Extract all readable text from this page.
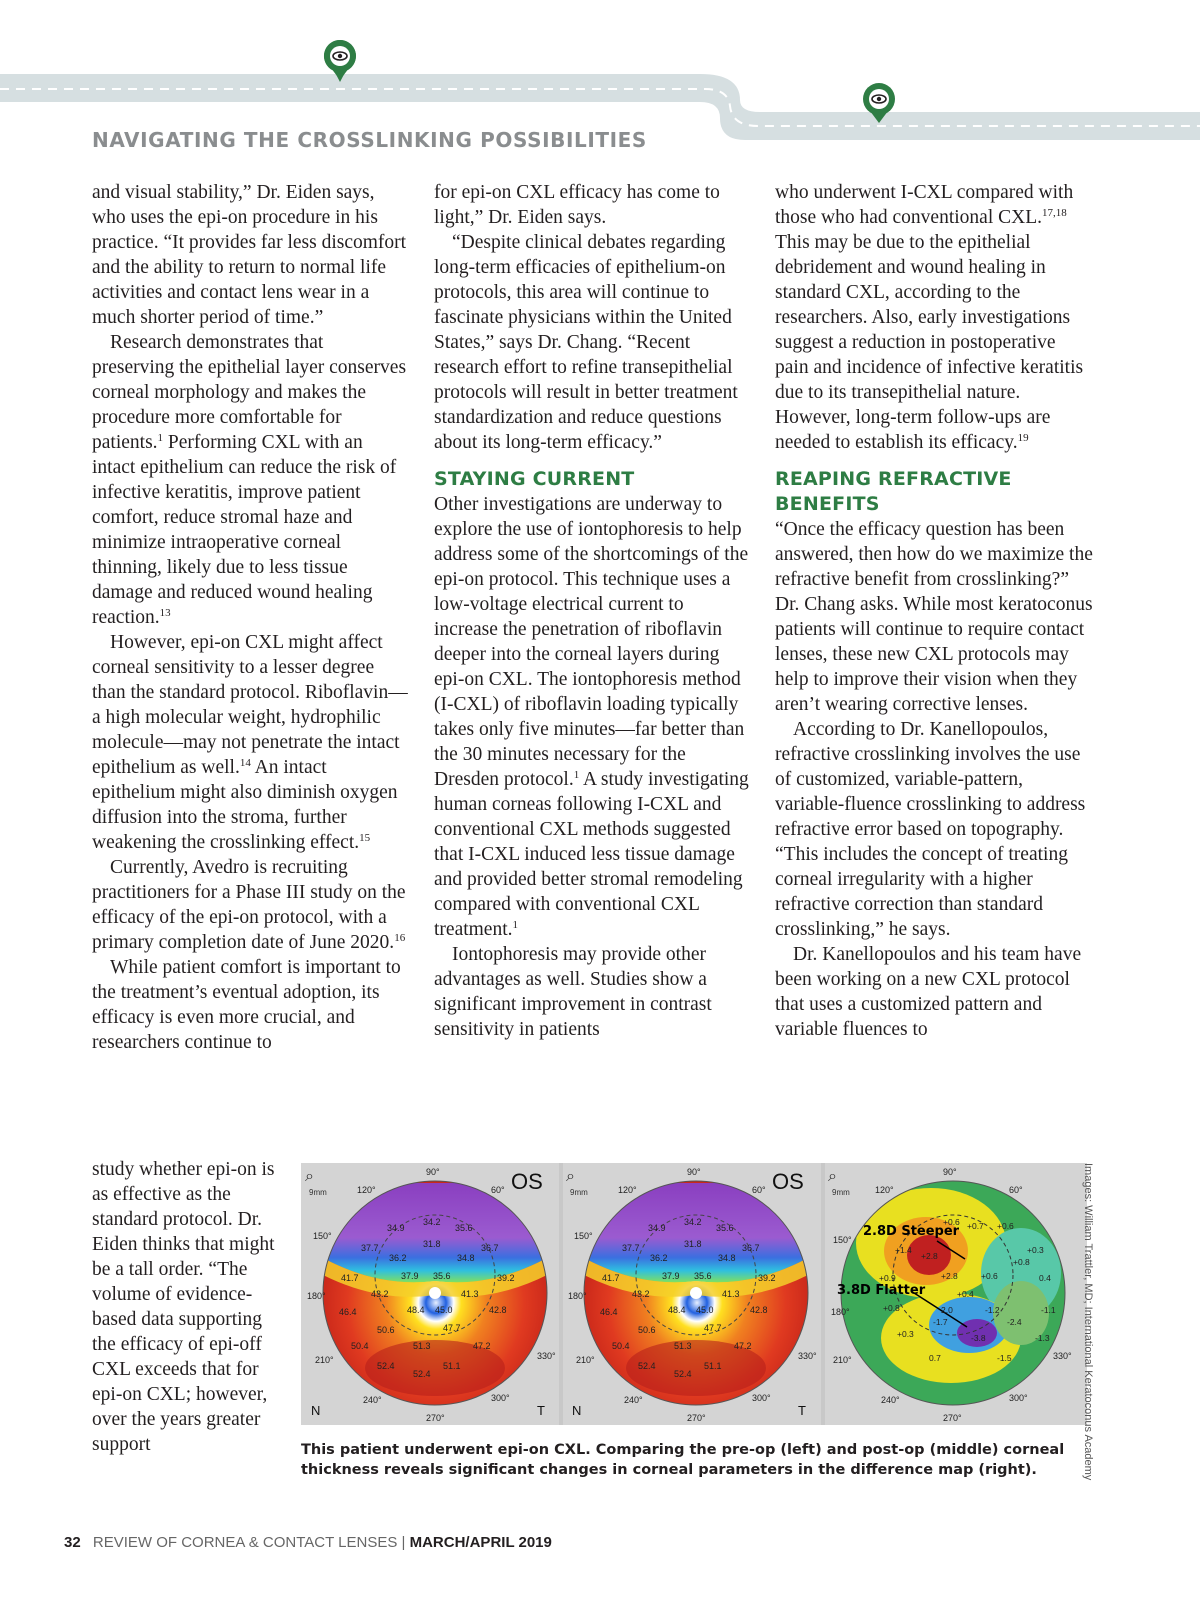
NAVIGATING THE CROSSLINKING POSSIBILITIES

and visual stability,” Dr. Eiden says, who uses the epi-on procedure in his practice. “It provides far less discomfort and the ability to return to normal life activities and contact lens wear in a much shorter period of time.”

Research demonstrates that preserving the epithelial layer conserves corneal morphology and makes the procedure more comfortable for patients.$^1$ Performing CXL with an intact epithelium can reduce the risk of infective keratitis, improve patient comfort, reduce stromal haze and minimize intraoperative corneal thinning, likely due to less tissue damage and reduced wound healing reaction.$^{13}$

However, epi-on CXL might affect corneal sensitivity to a lesser degree than the standard protocol. Riboflavin—a high molecular weight, hydrophilic molecule—may not penetrate the intact epithelium as well.$^{14}$ An intact epithelium might also diminish oxygen diffusion into the stroma, further weakening the crosslinking effect.$^{15}$

Currently, Avedro is recruiting practitioners for a Phase III study on the efficacy of the epi-on protocol, with a primary completion date of June 2020.16

While patient comfort is important to the treatment’s eventual adoption, its efficacy is even more crucial, and researchers continue to

study whether epi-on is as effective as the standard protocol. Dr. Eiden thinks that might be a tall order. “The volume of evidence-based data supporting the efficacy of epi-off CXL exceeds that for epi-on CXL; however, over the years greater support

for epi-on CXL efficacy has come to light,” Dr. Eiden says.

“Despite clinical debates regarding long-term efficacies of epithelium-on protocols, this area will continue to fascinate physicians within the United States,” says Dr. Chang. “Recent research effort to refine transepithelial protocols will result in better treatment standardization and reduce questions about its long-term efficacy.”

STAYING CURRENT

Other investigations are underway to explore the use of iontophoresis to help address some of the shortcomings of the epi-on protocol. This technique uses a low-voltage electrical current to increase the penetration of riboflavin deeper into the corneal layers during epi-on CXL. The iontophoresis method (I-CXL) of riboflavin loading typically takes only five minutes—far better than the 30 minutes necessary for the Dresden protocol.$^1$ A study investigating human corneas following I-CXL and conventional CXL methods suggested that I-CXL induced less tissue damage and provided better stromal remodeling compared with conventional CXL treatment.$^1$

Iontophoresis may provide other advantages as well. Studies show a significant improvement in contrast sensitivity in patients

who underwent I-CXL compared with those who had conventional CXL.$^{17,18}$ This may be due to the epithelial debridement and wound healing in standard CXL, according to the researchers. Also, early investigations suggest a reduction in postoperative pain and incidence of infective keratitis due to its transepithelial nature. However, long-term follow-ups are needed to establish its efficacy.$^{19}$

REAPING REFRACTIVE BENEFITS

“Once the efficacy question has been answered, then how do we maximize the refractive benefit from crosslinking?” Dr. Chang asks. While most keratoconus patients will continue to require contact lenses, these new CXL protocols may help to improve their vision when they aren’t wearing corrective lenses.

According to Dr. Kanellopoulos, refractive crosslinking involves the use of customized, variable-pattern, variable-fluence crosslinking to address refractive error based on topography. “This includes the concept of treating corneal irregularity with a higher refractive correction than standard crosslinking,” he says.

Dr. Kanellopoulos and his team have been working on a new CXL protocol that uses a customized pattern and variable fluences to

⌕
9mm	OS
N	T
90°
60°
330°
300°
270°
240°
210°
180°
150°
120°
34.9
34.2
35.6
37.7	31.8	36.7
36.2	34.8
41.7	37.9 35.6	39.2
43.2	41.3
46.4	48.4 45.0	42.8
50.6	47.7
50.4	51.3	47.2
52.4	51.1
52.4
⌕
9mm	OS
N	T
90°
60°
330°
300°
270°
240°
210°
180°
150°
120°
34.9
34.2
35.6
37.7	31.8	36.7
36.2	34.8
41.7	37.9 35.6	39.2
43.2	41.3
46.4	48.4 45.0	42.8
50.6	47.7
50.4	51.3	47.2
52.4	51.1
52.4
⌕
9mm
2.8D Steeper
3.8D Flatter
90°
60°
330°
300°
270°
240°
210°
180°
150°
120°
+0.6 +0.7 +0.6
+0.3
+1.4
+2.8
+0.8
+0.9	+2.8	+0.6	0.4
+0.4
+0.8	2.0	-1.2	-1.1
-1.7	-2.4
+0.3	-3.8	-1.3
0.7	-1.5	Images: William Trattler, MD; International Keratoconus Academy
This patient underwent epi-on CXL. Comparing the pre-op (left) and post-op (middle) corneal thickness reveals significant changes in corneal parameters in the difference map (right).
32 REVIEW OF CORNEA & CONTACT LENSES | MARCH/APRIL 2019
